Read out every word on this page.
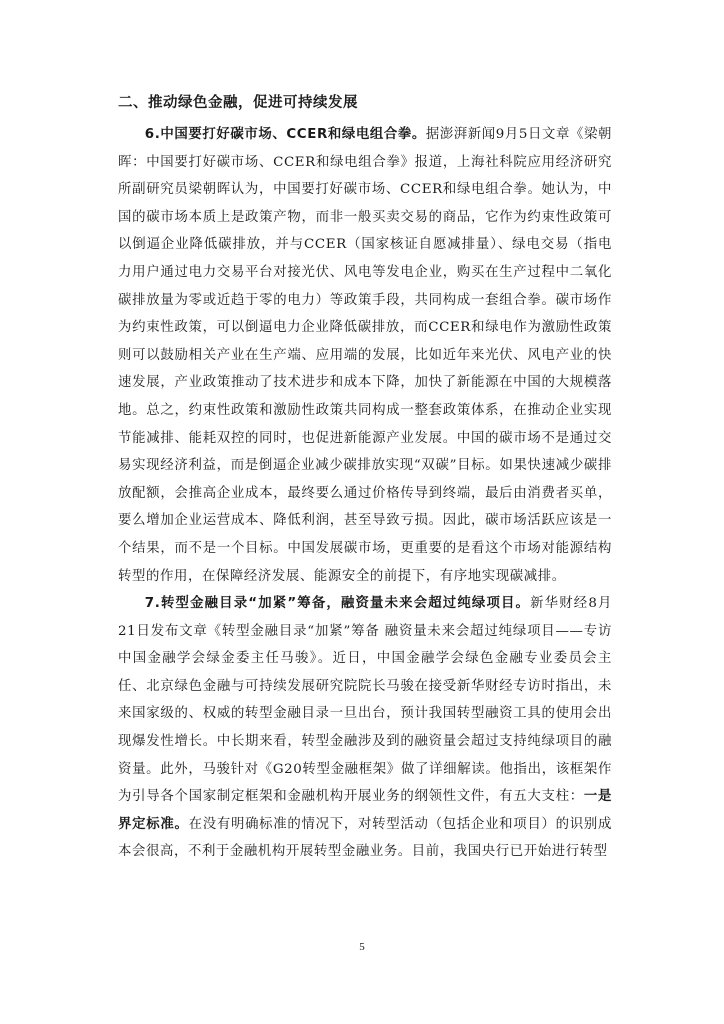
二、推动绿色金融，促进可持续发展

6.中国要打好碳市场、CCER和绿电组合拳。据澎湃新闻9月5日文章《梁朝晖：中国要打好碳市场、CCER和绿电组合拳》报道，上海社科院应用经济研究所副研究员梁朝晖认为，中国要打好碳市场、CCER和绿电组合拳。她认为，中国的碳市场本质上是政策产物，而非一般买卖交易的商品，它作为约束性政策可以倒逼企业降低碳排放，并与CCER（国家核证自愿减排量）、绿电交易（指电力用户通过电力交易平台对接光伏、风电等发电企业，购买在生产过程中二氧化碳排放量为零或近趋于零的电力）等政策手段，共同构成一套组合拳。碳市场作为约束性政策，可以倒逼电力企业降低碳排放，而CCER和绿电作为激励性政策则可以鼓励相关产业在生产端、应用端的发展，比如近年来光伏、风电产业的快速发展，产业政策推动了技术进步和成本下降，加快了新能源在中国的大规模落地。总之，约束性政策和激励性政策共同构成一整套政策体系，在推动企业实现节能减排、能耗双控的同时，也促进新能源产业发展。中国的碳市场不是通过交易实现经济利益，而是倒逼企业减少碳排放实现“双碳”目标。如果快速减少碳排放配额，会推高企业成本，最终要么通过价格传导到终端，最后由消费者买单，要么增加企业运营成本、降低利润，甚至导致亏损。因此，碳市场活跃应该是一个结果，而不是一个目标。中国发展碳市场，更重要的是看这个市场对能源结构转型的作用，在保障经济发展、能源安全的前提下，有序地实现碳减排。

7.转型金融目录“加紧”筹备，融资量未来会超过纯绿项目。新华财经8月21日发布文章《转型金融目录“加紧”筹备 融资量未来会超过纯绿项目——专访中国金融学会绿金委主任马骏》。近日，中国金融学会绿色金融专业委员会主任、北京绿色金融与可持续发展研究院院长马骏在接受新华财经专访时指出，未来国家级的、权威的转型金融目录一旦出台，预计我国转型融资工具的使用会出现爆发性增长。中长期来看，转型金融涉及到的融资量会超过支持纯绿项目的融资量。此外，马骏针对《G20转型金融框架》做了详细解读。他指出，该框架作为引导各个国家制定框架和金融机构开展业务的纲领性文件，有五大支柱：一是界定标准。在没有明确标准的情况下，对转型活动（包括企业和项目）的识别成本会很高，不利于金融机构开展转型金融业务。目前，我国央行已开始进行转型

5
